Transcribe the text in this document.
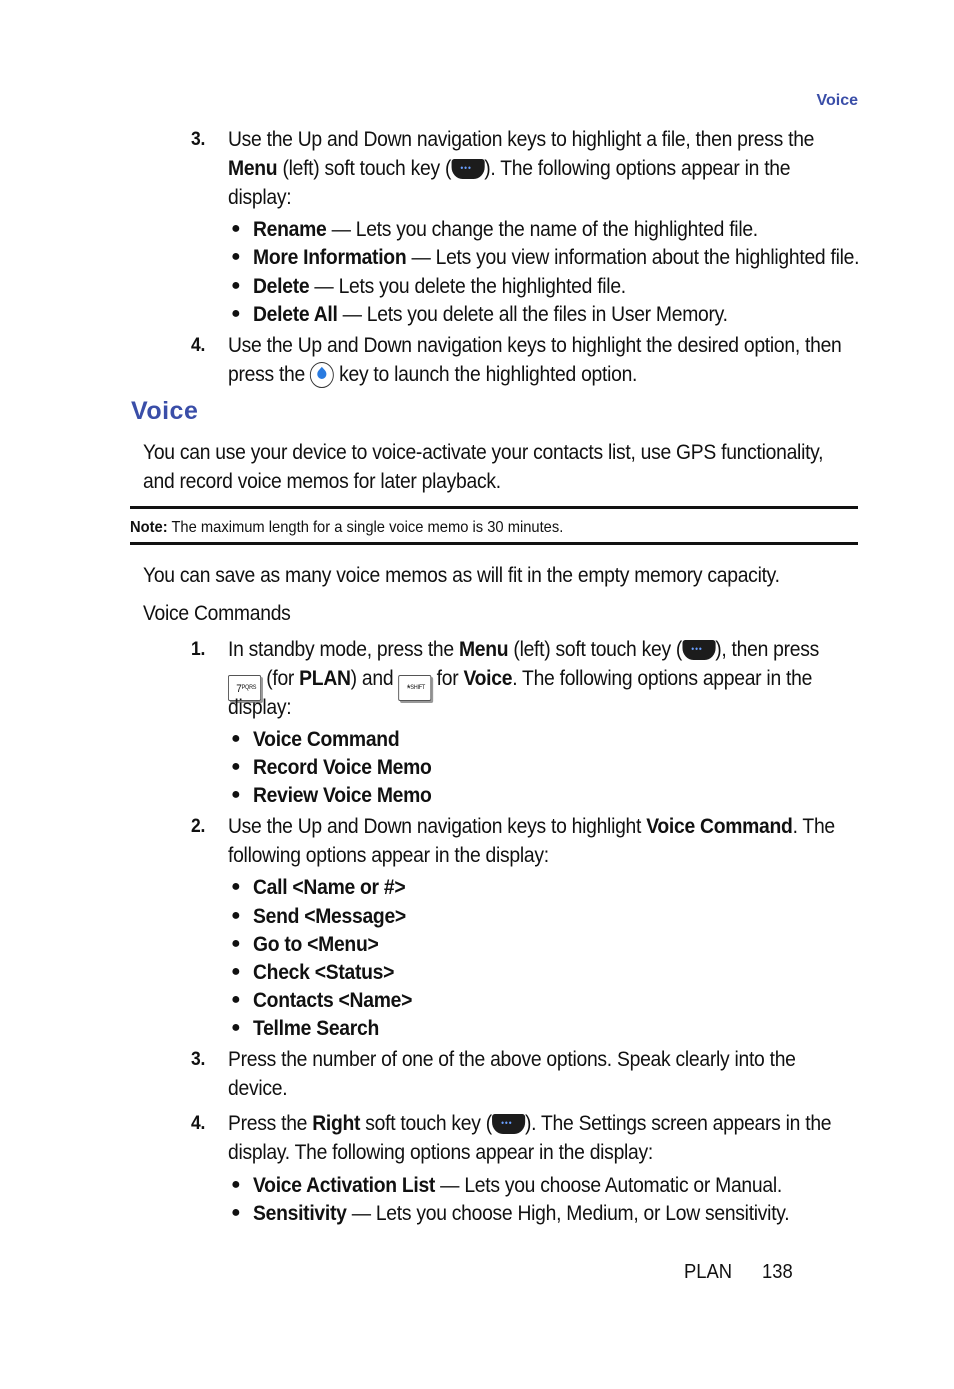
Voice
3. Use the Up and Down navigation keys to highlight a file, then press the
Menu (left) soft touch key ( ••• ). The following options appear in the
display:
● Rename — Lets you change the name of the highlighted file.
● More Information — Lets you view information about the highlighted file.
● Delete — Lets you delete the highlighted file.
● Delete All — Lets you delete all the files in User Memory.
4. Use the Up and Down navigation keys to highlight the desired option, then
press the
key to launch the highlighted option.
Voice
You can use your device to voice-activate your contacts list, use GPS functionality,
and record voice memos for later playback.
Note: The maximum length for a single voice memo is 30 minutes.
You can save as many voice memos as will fit in the empty memory capacity.
Voice Commands
1. In standby mode, press the Menu (left) soft touch key ( ••• ), then press
$7^{PQRS}$ (for PLAN) and *$^{SHIFT}$ for Voice. The following options appear in the
display:
● Voice Command
● Record Voice Memo
● Review Voice Memo
2. Use the Up and Down navigation keys to highlight Voice Command. The
following options appear in the display:
● Call <Name or #>
● Send <Message>
● Go to <Menu>
● Check <Status>
● Contacts <Name>
● Tellme Search
3. Press the number of one of the above options. Speak clearly into the
device.
4. Press the Right soft touch key ( ••• ). The Settings screen appears in the
display. The following options appear in the display:
● Voice Activation List — Lets you choose Automatic or Manual.
● Sensitivity — Lets you choose High, Medium, or Low sensitivity.
PLAN 138
